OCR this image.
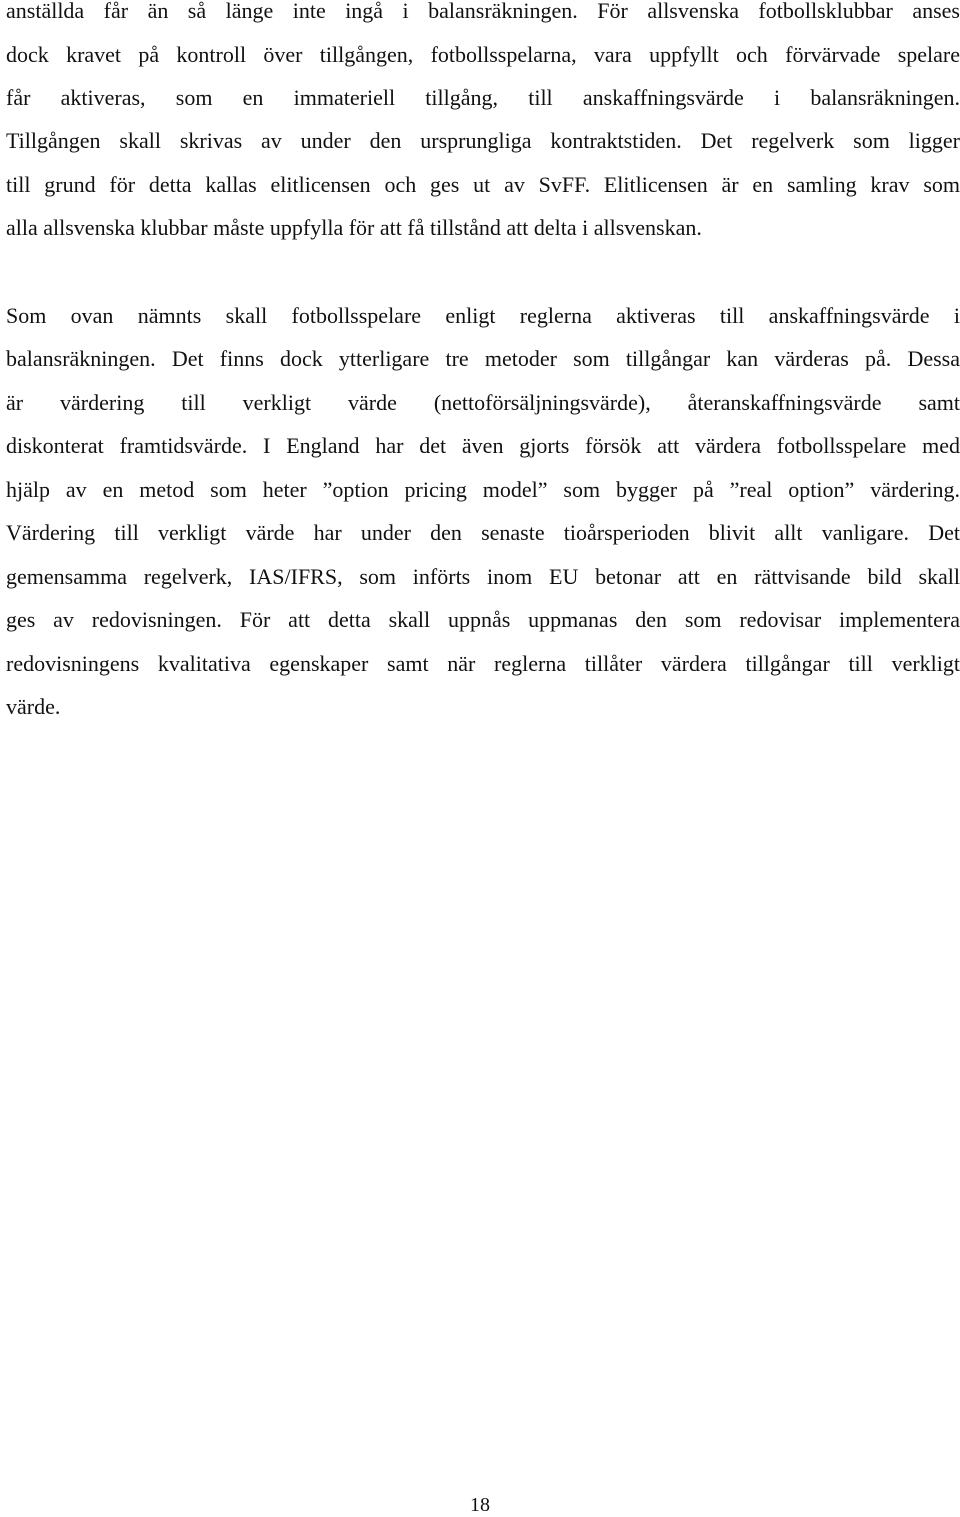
anställda får än så länge inte ingå i balansräkningen. För allsvenska fotbollsklubbar anses
dock kravet på kontroll över tillgången, fotbollsspelarna, vara uppfyllt och förvärvade spelare
får aktiveras, som en immateriell tillgång, till anskaffningsvärde i balansräkningen.
Tillgången skall skrivas av under den ursprungliga kontraktstiden. Det regelverk som ligger
till grund för detta kallas elitlicensen och ges ut av SvFF. Elitlicensen är en samling krav som
alla allsvenska klubbar måste uppfylla för att få tillstånd att delta i allsvenskan.
Som ovan nämnts skall fotbollsspelare enligt reglerna aktiveras till anskaffningsvärde i
balansräkningen. Det finns dock ytterligare tre metoder som tillgångar kan värderas på. Dessa
är värdering till verkligt värde (nettoförsäljningsvärde), återanskaffningsvärde samt
diskonterat framtidsvärde. I England har det även gjorts försök att värdera fotbollsspelare med
hjälp av en metod som heter ”option pricing model” som bygger på ”real option” värdering.
Värdering till verkligt värde har under den senaste tioårsperioden blivit allt vanligare. Det
gemensamma regelverk, IAS/IFRS, som införts inom EU betonar att en rättvisande bild skall
ges av redovisningen. För att detta skall uppnås uppmanas den som redovisar implementera
redovisningens kvalitativa egenskaper samt när reglerna tillåter värdera tillgångar till verkligt
värde.
18
